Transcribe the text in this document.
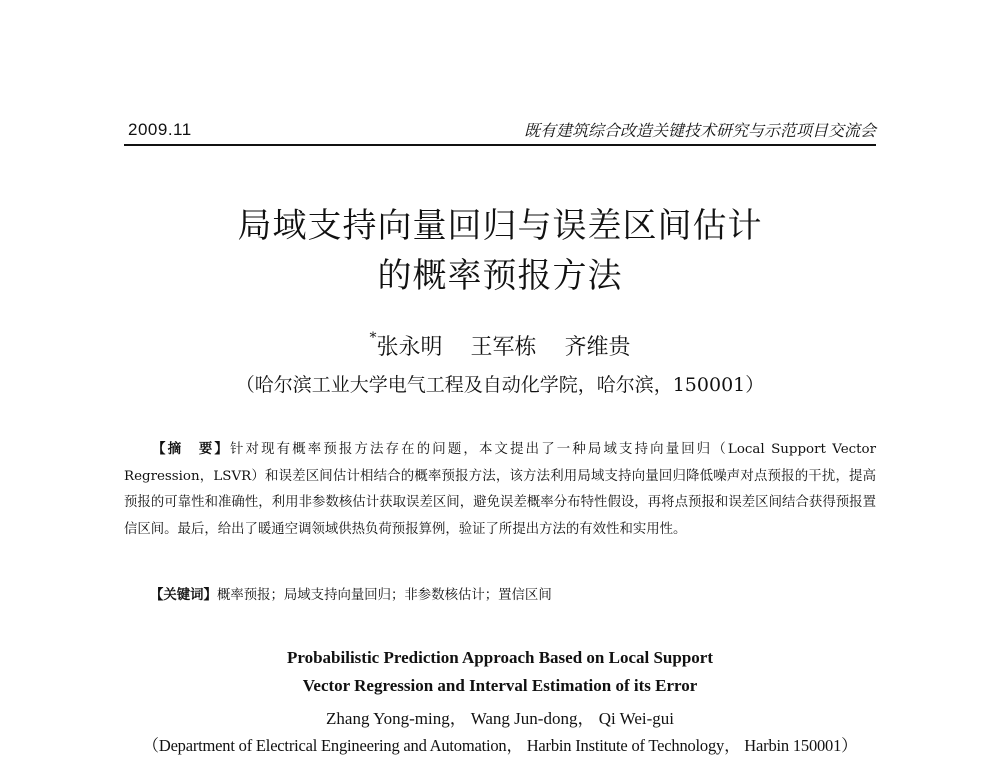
2009.11	既有建筑综合改造关键技术研究与示范项目交流会
局域支持向量回归与误差区间估计
的概率预报方法
*张永明 王军栋 齐维贵
（哈尔滨工业大学电气工程及自动化学院，哈尔滨，150001）
【摘　要】针对现有概率预报方法存在的问题，本文提出了一种局域支持向量回归（Local Support Vector Regression，LSVR）和误差区间估计相结合的概率预报方法，该方法利用局域支持向量回归降低噪声对点预报的干扰，提高预报的可靠性和准确性，利用非参数核估计获取误差区间，避免误差概率分布特性假设，再将点预报和误差区间结合获得预报置信区间。最后，给出了暖通空调领域供热负荷预报算例，验证了所提出方法的有效性和实用性。
【关键词】概率预报；局域支持向量回归；非参数核估计；置信区间
Probabilistic Prediction Approach Based on Local Support
Vector Regression and Interval Estimation of its Error
Zhang Yong-ming， Wang Jun-dong， Qi Wei-gui
（Department of Electrical Engineering and Automation， Harbin Institute of Technology， Harbin 150001）
